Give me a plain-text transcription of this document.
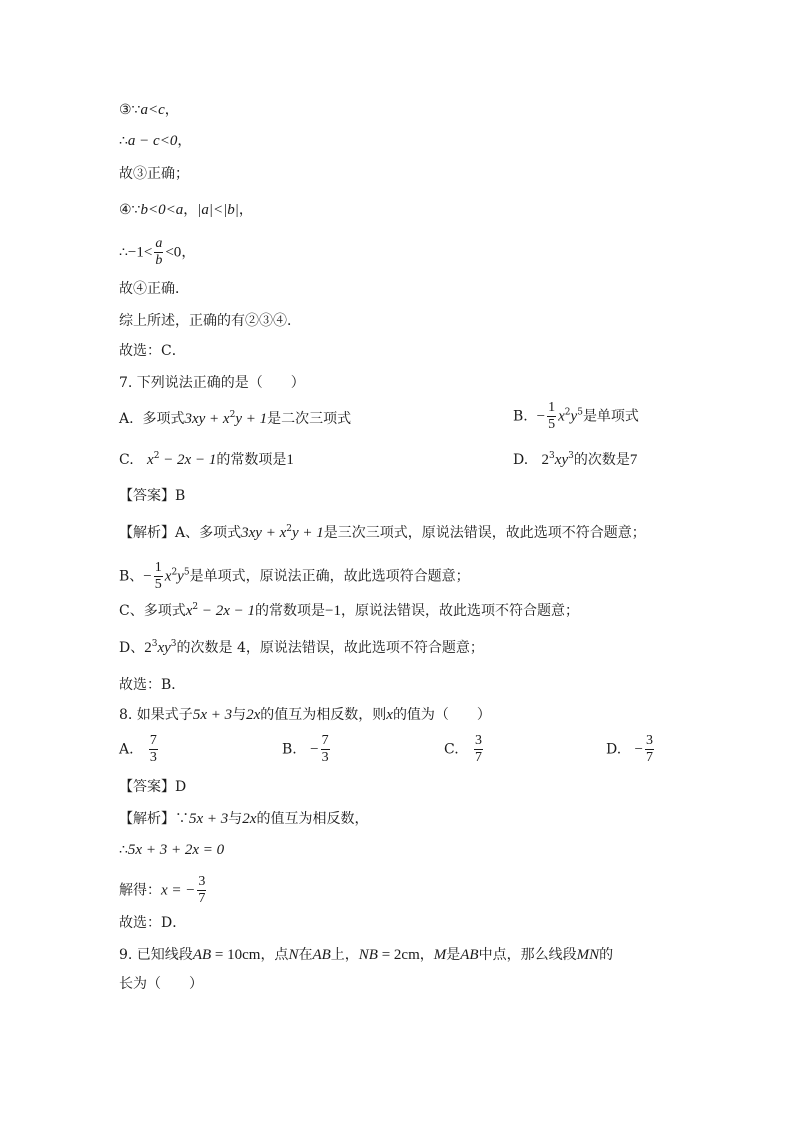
③∵a<c，
∴a − c<0，
故③正确；
④∵b<0<a，|a|<|b|，
∴−1< $\frac{a}{b} <0$，
故④正确．
综上所述，正确的有②③④．
故选：C．
7. 下列说法正确的是（　　）
A. 多项式$3xy + x^2y + 1$是二次三项式	B. − $\frac{1}{5} x^2y^5$是单项式
C. $x^2 - 2x - 1$的常数项是1	D. $2^3xy^3$的次数是7
【答案】B
【解析】A、多项式$3xy + x^2y + 1$是三次三项式，原说法错误，故此选项不符合题意；
B、− $\frac{1}{5} x^2y^5$是单项式，原说法正确，故此选项符合题意；
C、多项式$x^2 - 2x - 1$的常数项是−1，原说法错误，故此选项不符合题意；
D、$2^3xy^3$的次数是 4，原说法错误，故此选项不符合题意；
故选：B．
8. 如果式子5x + 3与2x的值互为相反数，则x的值为（　　）
A. $\frac{7}{3}$	B. − $\frac{7}{3}$	C. $\frac{3}{7}$	D. − $\frac{3}{7}$
【答案】D
【解析】∵5x + 3与2x的值互为相反数，
∴5x + 3 + 2x = 0
解得：x = − $\frac{3}{7}$
故选：D．
9. 已知线段AB = 10cm，点N在AB上，NB = 2cm，M是AB中点，那么线段MN的
长为（　　）
